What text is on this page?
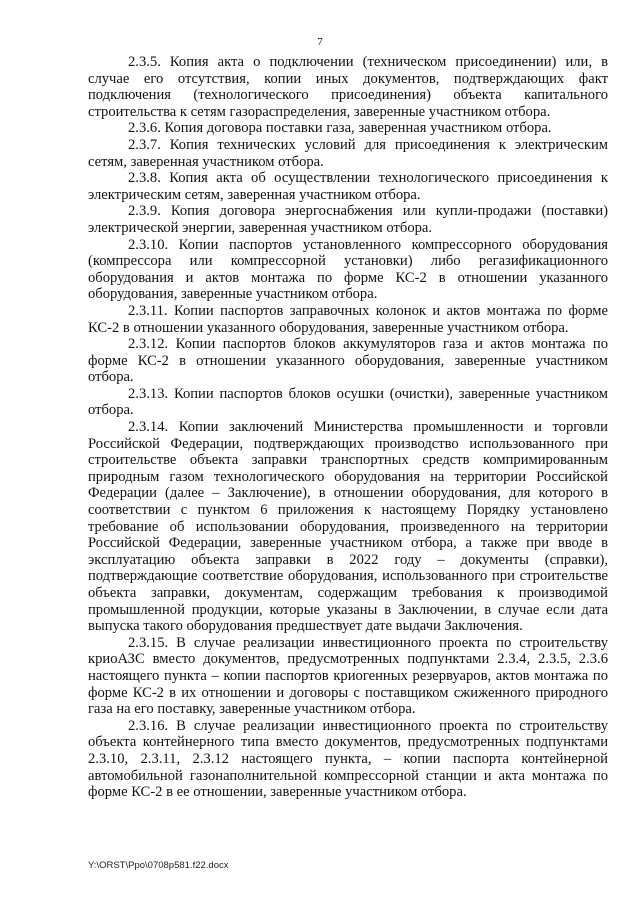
7

2.3.5. Копия акта о подключении (техническом присоединении) или, в случае его отсутствия, копии иных документов, подтверждающих факт подключения (технологического присоединения) объекта капитального строительства к сетям газораспределения, заверенные участником отбора.

2.3.6. Копия договора поставки газа, заверенная участником отбора.

2.3.7. Копия технических условий для присоединения к электрическим сетям, заверенная участником отбора.

2.3.8. Копия акта об осуществлении технологического присоединения к электрическим сетям, заверенная участником отбора.

2.3.9. Копия договора энергоснабжения или купли-продажи (поставки) электрической энергии, заверенная участником отбора.

2.3.10. Копии паспортов установленного компрессорного оборудования (компрессора или компрессорной установки) либо регазификационного оборудования и актов монтажа по форме КС-2 в отношении указанного оборудования, заверенные участником отбора.

2.3.11. Копии паспортов заправочных колонок и актов монтажа по форме КС-2 в отношении указанного оборудования, заверенные участником отбора.

2.3.12. Копии паспортов блоков аккумуляторов газа и актов монтажа по форме КС-2 в отношении указанного оборудования, заверенные участником отбора.

2.3.13. Копии паспортов блоков осушки (очистки), заверенные участником отбора.

2.3.14. Копии заключений Министерства промышленности и торговли Российской Федерации, подтверждающих производство использованного при строительстве объекта заправки транспортных средств компримированным природным газом технологического оборудования на территории Российской Федерации (далее – Заключение), в отношении оборудования, для которого в соответствии с пунктом 6 приложения к настоящему Порядку установлено требование об использовании оборудования, произведенного на территории Российской Федерации, заверенные участником отбора, а также при вводе в эксплуатацию объекта заправки в 2022 году – документы (справки), подтверждающие соответствие оборудования, использованного при строительстве объекта заправки, документам, содержащим требования к производимой промышленной продукции, которые указаны в Заключении, в случае если дата выпуска такого оборудования предшествует дате выдачи Заключения.

2.3.15. В случае реализации инвестиционного проекта по строительству криоАЗС вместо документов, предусмотренных подпунктами 2.3.4, 2.3.5, 2.3.6 настоящего пункта – копии паспортов криогенных резервуаров, актов монтажа по форме КС-2 в их отношении и договоры с поставщиком сжиженного природного газа на его поставку, заверенные участником отбора.

2.3.16. В случае реализации инвестиционного проекта по строительству объекта контейнерного типа вместо документов, предусмотренных подпунктами 2.3.10, 2.3.11, 2.3.12 настоящего пункта, – копии паспорта контейнерной автомобильной газонаполнительной компрессорной станции и акта монтажа по форме КС-2 в ее отношении, заверенные участником отбора.

Y:\ORST\Ppo\0708p581.f22.docx
